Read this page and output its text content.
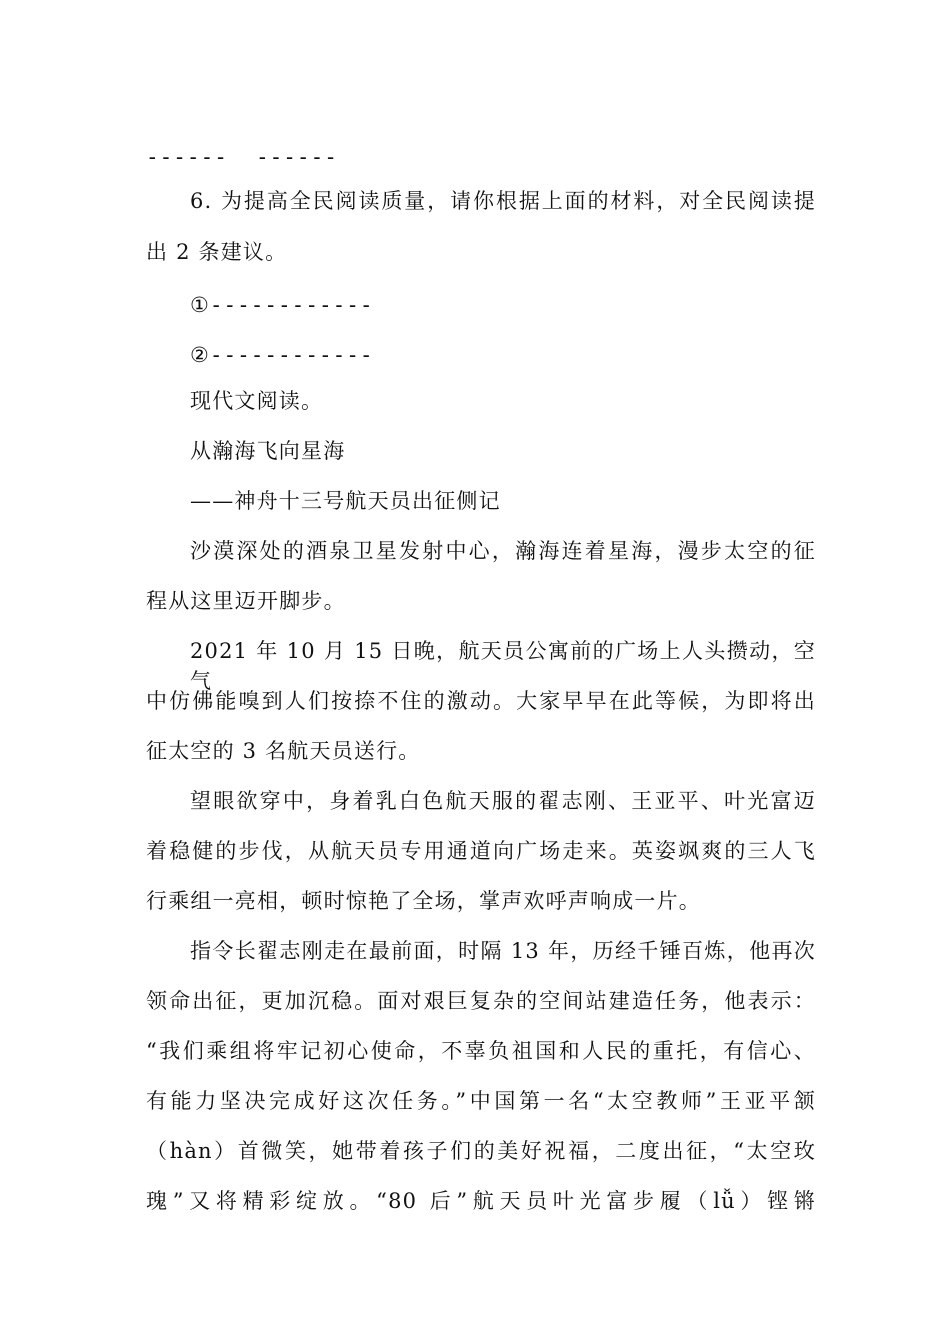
------ ------
6. 为提高全民阅读质量，请你根据上面的材料，对全民阅读提
出 2 条建议。
①------------
②------------
现代文阅读。
从瀚海飞向星海
——神舟十三号航天员出征侧记
沙漠深处的酒泉卫星发射中心，瀚海连着星海，漫步太空的征
程从这里迈开脚步。
2021 年 10 月 15 日晚，航天员公寓前的广场上人头攒动，空气
中仿佛能嗅到人们按捺不住的激动。大家早早在此等候，为即将出
征太空的 3 名航天员送行。
望眼欲穿中，身着乳白色航天服的翟志刚、王亚平、叶光富迈
着稳健的步伐，从航天员专用通道向广场走来。英姿飒爽的三人飞
行乘组一亮相，顿时惊艳了全场，掌声欢呼声响成一片。
指令长翟志刚走在最前面，时隔 13 年，历经千锤百炼，他再次
领命出征，更加沉稳。面对艰巨复杂的空间站建造任务，他表示：
“我们乘组将牢记初心使命，不辜负祖国和人民的重托，有信心、
有能力坚决完成好这次任务。”中国第一名“太空教师”王亚平颔
（hàn）首微笑，她带着孩子们的美好祝福，二度出征，“太空玫
瑰”又将精彩绽放。“80 后”航天员叶光富步履（lǚ）铿锵
